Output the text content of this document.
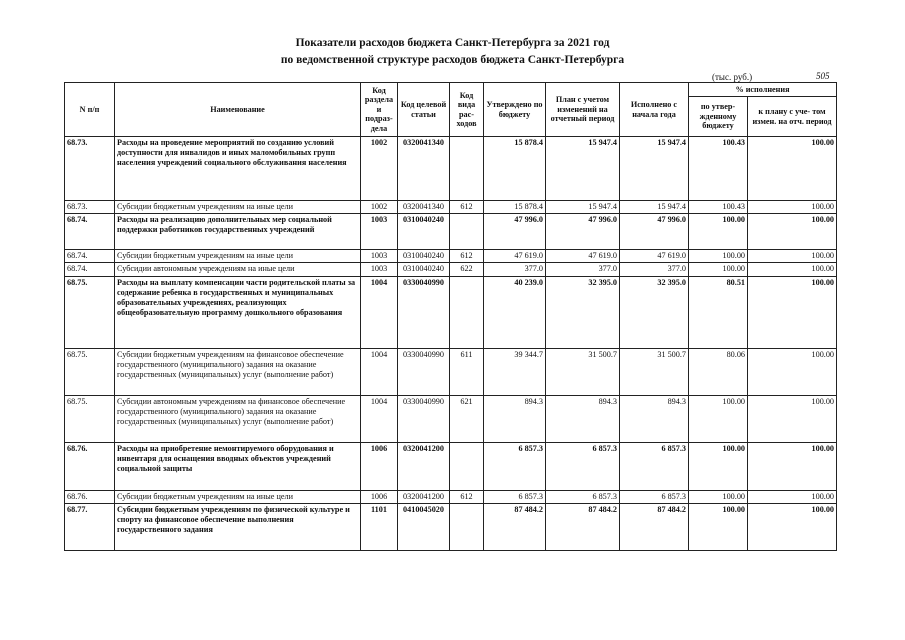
Показатели расходов бюджета Санкт-Петербурга за 2021 год
по ведомственной структуре расходов бюджета Санкт-Петербурга
(тыс. руб.)	505
N п/п	Наименование	Код раздела и подраз- дела	Код целевой статьи	Код вида рас- ходов	Утверждено по бюджету	План с учетом изменений на отчетный период	Исполнено с начала года	% исполнения	
								по утвер- жденному бюджету	к плану с уче- том измен. на отч. период
68.73.	Расходы на проведение мероприятий по созданию условий доступности для инвалидов и иных маломобильных групп населения учреждений социального обслуживания населения	1002	0320041340		15 878.4	15 947.4	15 947.4	100.43	100.00
68.73.	Субсидии бюджетным учреждениям на иные цели	1002	0320041340	612	15 878.4	15 947.4	15 947.4	100.43	100.00
68.74.	Расходы на реализацию дополнительных мер социальной поддержки работников государственных учреждений	1003	0310040240		47 996.0	47 996.0	47 996.0	100.00	100.00
68.74.	Субсидии бюджетным учреждениям на иные цели	1003	0310040240	612	47 619.0	47 619.0	47 619.0	100.00	100.00
68.74.	Субсидии автономным учреждениям на иные цели	1003	0310040240	622	377.0	377.0	377.0	100.00	100.00
68.75.	Расходы на выплату компенсации части родительской платы за содержание ребенка в государственных и муниципальных образовательных учреждениях, реализующих общеобразовательную программу дошкольного образования	1004	0330040990		40 239.0	32 395.0	32 395.0	80.51	100.00
68.75.	Субсидии бюджетным учреждениям на финансовое обеспечение государственного (муниципального) задания на оказание государственных (муниципальных) услуг (выполнение работ)	1004	0330040990	611	39 344.7	31 500.7	31 500.7	80.06	100.00
68.75.	Субсидии автономным учреждениям на финансовое обеспечение государственного (муниципального) задания на оказание государственных (муниципальных) услуг (выполнение работ)	1004	0330040990	621	894.3	894.3	894.3	100.00	100.00
68.76.	Расходы на приобретение немонтируемого оборудования и инвентаря для оснащения вводных объектов учреждений социальной защиты	1006	0320041200		6 857.3	6 857.3	6 857.3	100.00	100.00
68.76.	Субсидии бюджетным учреждениям на иные цели	1006	0320041200	612	6 857.3	6 857.3	6 857.3	100.00	100.00
68.77.	Субсидии бюджетным учреждениям по физической культуре и спорту на финансовое обеспечение выполнения государственного задания	1101	0410045020		87 484.2	87 484.2	87 484.2	100.00	100.00
